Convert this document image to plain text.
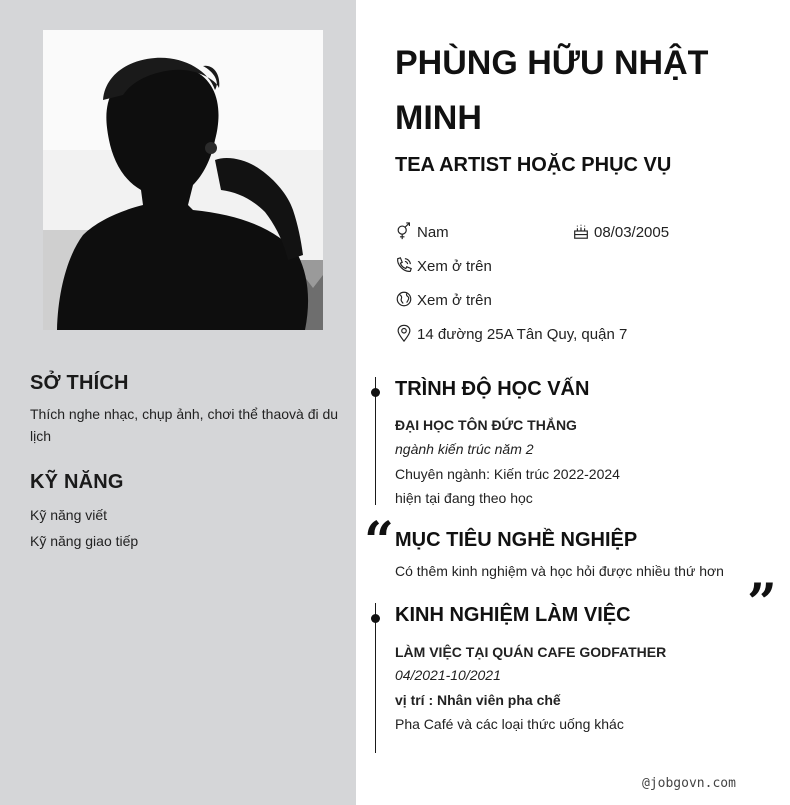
SỞ THÍCH
Thích nghe nhạc, chụp ảnh, chơi thể thaovà đi du lịch
KỸ NĂNG
Kỹ năng viết
Kỹ năng giao tiếp
PHÙNG HỮU NHẬT MINH
TEA ARTIST HOẶC PHỤC VỤ
Nam	08/03/2005
Xem ở trên
Xem ở trên
14 đường 25A Tân Quy, quận 7
TRÌNH ĐỘ HỌC VẤN
ĐẠI HỌC TÔN ĐỨC THẮNG
ngành kiến trúc năm 2
Chuyên ngành: Kiến trúc 2022-2024
hiện tại đang theo học
“ MỤC TIÊU NGHỀ NGHIỆP
Có thêm kinh nghiệm và học hỏi được nhiều thứ hơn
”
KINH NGHIỆM LÀM VIỆC
LÀM VIỆC TẠI QUÁN CAFE GODFATHER
04/2021-10/2021
vị trí : Nhân viên pha chế
Pha Café và các loại thức uống khác
@jobgovn.com
